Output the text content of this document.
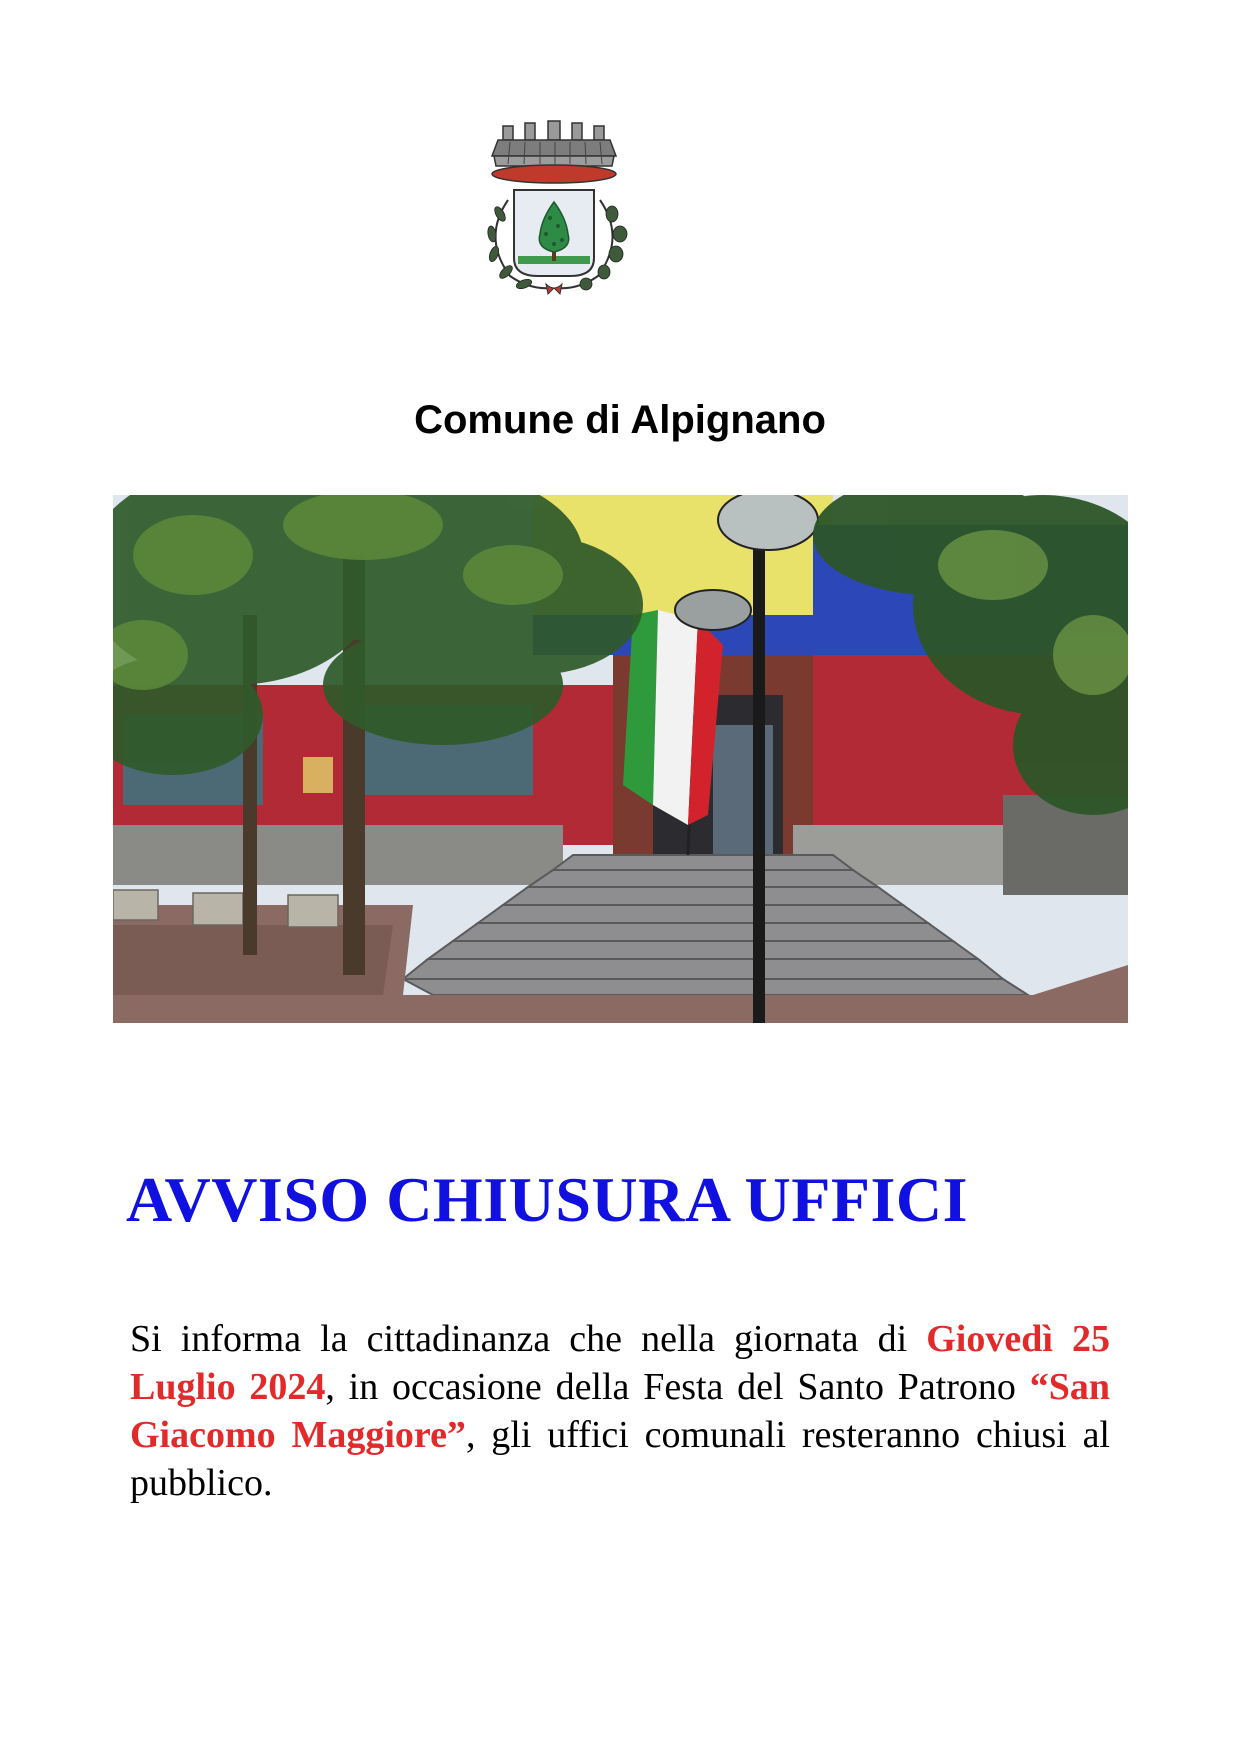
Comune di Alpignano
AVVISO CHIUSURA UFFICI
Si informa la cittadinanza che nella giornata di Giovedì 25 Luglio 2024, in occasione della Festa del Santo Patrono “San Giacomo Maggiore”, gli uffici comunali resteranno chiusi al pubblico.
